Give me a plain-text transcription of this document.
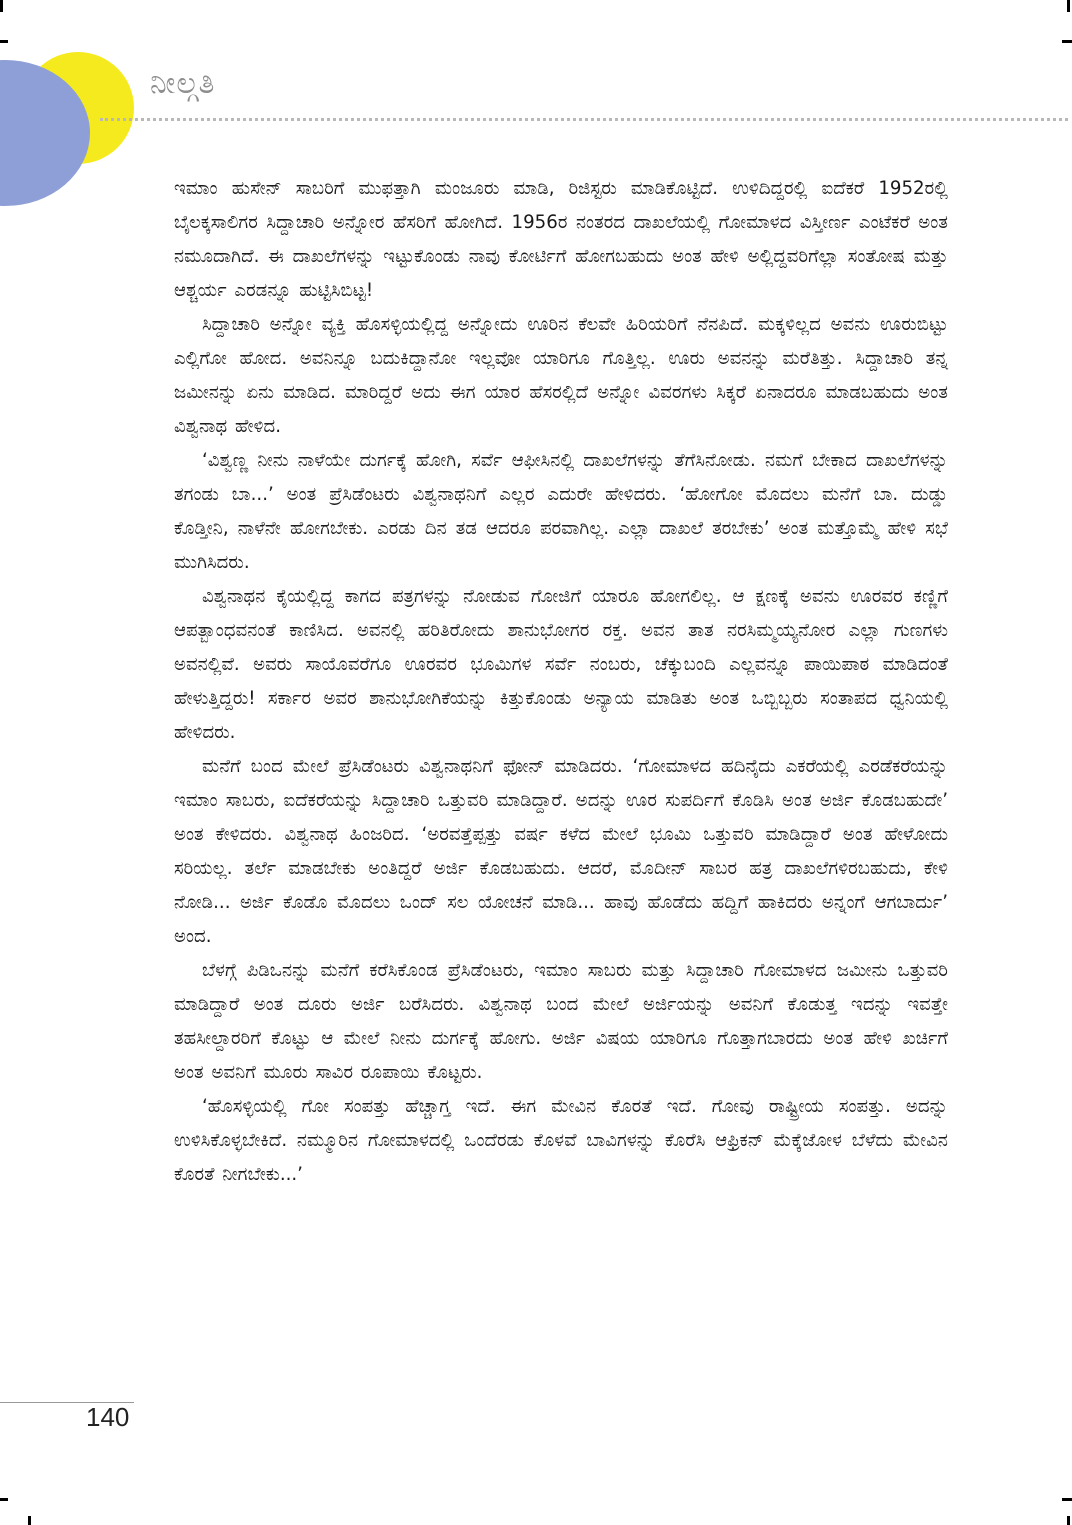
ನೀಲ್ಗತಿ

ಇಮಾಂ ಹುಸೇನ್ ಸಾಬರಿಗೆ ಮುಫತ್ತಾಗಿ ಮಂಜೂರು ಮಾಡಿ, ರಿಜಿಸ್ಟರು ಮಾಡಿಕೊಟ್ಟಿದೆ. ಉಳಿದಿದ್ದರಲ್ಲಿ ಐದೆಕರೆ 1952ರಲ್ಲಿ ಬೈಲಕ್ಕಸಾಲಿಗರ ಸಿದ್ದಾಚಾರಿ ಅನ್ನೋರ ಹೆಸರಿಗೆ ಹೋಗಿದೆ. 1956ರ ನಂತರದ ದಾಖಲೆಯಲ್ಲಿ ಗೋಮಾಳದ ವಿಸ್ತೀರ್ಣ ಎಂಟೆಕರೆ ಅಂತ ನಮೂದಾಗಿದೆ. ಈ ದಾಖಲೆಗಳನ್ನು ಇಟ್ಟುಕೊಂಡು ನಾವು ಕೋರ್ಟಿಗೆ ಹೋಗಬಹುದು ಅಂತ ಹೇಳಿ ಅಲ್ಲಿದ್ದವರಿಗೆಲ್ಲಾ ಸಂತೋಷ ಮತ್ತು ಆಶ್ಚರ್ಯ ಎರಡನ್ನೂ ಹುಟ್ಟಿಸಿಬಿಟ್ಟ!

ಸಿದ್ದಾಚಾರಿ ಅನ್ನೋ ವ್ಯಕ್ತಿ ಹೊಸಳ್ಳಿಯಲ್ಲಿದ್ದ ಅನ್ನೋದು ಊರಿನ ಕೆಲವೇ ಹಿರಿಯರಿಗೆ ನೆನಪಿದೆ. ಮಕ್ಕಳಿಲ್ಲದ ಅವನು ಊರುಬಿಟ್ಟು ಎಲ್ಲಿಗೋ ಹೋದ. ಅವನಿನ್ನೂ ಬದುಕಿದ್ದಾನೋ ಇಲ್ಲವೋ ಯಾರಿಗೂ ಗೊತ್ತಿಲ್ಲ. ಊರು ಅವನನ್ನು ಮರೆತಿತ್ತು. ಸಿದ್ದಾಚಾರಿ ತನ್ನ ಜಮೀನನ್ನು ಏನು ಮಾಡಿದ. ಮಾರಿದ್ದರೆ ಅದು ಈಗ ಯಾರ ಹೆಸರಲ್ಲಿದೆ ಅನ್ನೋ ವಿವರಗಳು ಸಿಕ್ಕರೆ ಏನಾದರೂ ಮಾಡಬಹುದು ಅಂತ ವಿಶ್ವನಾಥ ಹೇಳಿದ.

‘ವಿಶ್ವಣ್ಣ ನೀನು ನಾಳೆಯೇ ದುರ್ಗಕ್ಕೆ ಹೋಗಿ, ಸರ್ವೆ ಆಫೀಸಿನಲ್ಲಿ ದಾಖಲೆಗಳನ್ನು ತೆಗೆಸಿನೋಡು. ನಮಗೆ ಬೇಕಾದ ದಾಖಲೆಗಳನ್ನು ತಗಂಡು ಬಾ...’ ಅಂತ ಪ್ರೆಸಿಡೆಂಟರು ವಿಶ್ವನಾಥನಿಗೆ ಎಲ್ಲರ ಎದುರೇ ಹೇಳಿದರು. ‘ಹೋಗೋ ಮೊದಲು ಮನೆಗೆ ಬಾ. ದುಡ್ಡು ಕೊಡ್ತೀನಿ, ನಾಳೆನೇ ಹೋಗಬೇಕು. ಎರಡು ದಿನ ತಡ ಆದರೂ ಪರವಾಗಿಲ್ಲ. ಎಲ್ಲಾ ದಾಖಲೆ ತರಬೇಕು’ ಅಂತ ಮತ್ತೊಮ್ಮೆ ಹೇಳಿ ಸಭೆ ಮುಗಿಸಿದರು.

ವಿಶ್ವನಾಥನ ಕೈಯಲ್ಲಿದ್ದ ಕಾಗದ ಪತ್ರಗಳನ್ನು ನೋಡುವ ಗೋಜಿಗೆ ಯಾರೂ ಹೋಗಲಿಲ್ಲ. ಆ ಕ್ಷಣಕ್ಕೆ ಅವನು ಊರವರ ಕಣ್ಣಿಗೆ ಆಪತ್ಬಾಂಧವನಂತೆ ಕಾಣಿಸಿದ. ಅವನಲ್ಲಿ ಹರಿತಿರೋದು ಶಾನುಭೋಗರ ರಕ್ತ. ಅವನ ತಾತ ನರಸಿಮ್ಮಯ್ಯನೋರ ಎಲ್ಲಾ ಗುಣಗಳು ಅವನಲ್ಲಿವೆ. ಅವರು ಸಾಯೊವರೆಗೂ ಊರವರ ಭೂಮಿಗಳ ಸರ್ವೆ ನಂಬರು, ಚೆಕ್ಕುಬಂದಿ ಎಲ್ಲವನ್ನೂ ಪಾಯಿಪಾಠ ಮಾಡಿದಂತೆ ಹೇಳುತ್ತಿದ್ದರು! ಸರ್ಕಾರ ಅವರ ಶಾನುಭೋಗಿಕೆಯನ್ನು ಕಿತ್ತುಕೊಂಡು ಅನ್ಯಾಯ ಮಾಡಿತು ಅಂತ ಒಬ್ಬಿಬ್ಬರು ಸಂತಾಪದ ಧ್ವನಿಯಲ್ಲಿ ಹೇಳಿದರು.

ಮನೆಗೆ ಬಂದ ಮೇಲೆ ಪ್ರೆಸಿಡೆಂಟರು ವಿಶ್ವನಾಥನಿಗೆ ಫೋನ್ ಮಾಡಿದರು. ‘ಗೋಮಾಳದ ಹದಿನೈದು ಎಕರೆಯಲ್ಲಿ ಎರಡೆಕರೆಯನ್ನು ಇಮಾಂ ಸಾಬರು, ಐದೆಕರೆಯನ್ನು ಸಿದ್ದಾಚಾರಿ ಒತ್ತುವರಿ ಮಾಡಿದ್ದಾರೆ. ಅದನ್ನು ಊರ ಸುಪರ್ದಿಗೆ ಕೊಡಿಸಿ ಅಂತ ಅರ್ಜಿ ಕೊಡಬಹುದೇ’ ಅಂತ ಕೇಳಿದರು. ವಿಶ್ವನಾಥ ಹಿಂಜರಿದ. ‘ಅರವತ್ತೆಪ್ಪತ್ತು ವರ್ಷ ಕಳೆದ ಮೇಲೆ ಭೂಮಿ ಒತ್ತುವರಿ ಮಾಡಿದ್ದಾರೆ ಅಂತ ಹೇಳೋದು ಸರಿಯಲ್ಲ. ತರ್ಲೆ ಮಾಡಬೇಕು ಅಂತಿದ್ದರೆ ಅರ್ಜಿ ಕೊಡಬಹುದು. ಆದರೆ, ಮೊದೀನ್ ಸಾಬರ ಹತ್ರ ದಾಖಲೆಗಳಿರಬಹುದು, ಕೇಳಿ ನೋಡಿ... ಅರ್ಜಿ ಕೊಡೊ ಮೊದಲು ಒಂದ್ ಸಲ ಯೋಚನೆ ಮಾಡಿ... ಹಾವು ಹೊಡೆದು ಹದ್ದಿಗೆ ಹಾಕಿದರು ಅನ್ನಂಗೆ ಆಗಬಾರ್ದು’ ಅಂದ.

ಬೆಳಗ್ಗೆ ಪಿಡಿಒನನ್ನು ಮನೆಗೆ ಕರೆಸಿಕೊಂಡ ಪ್ರೆಸಿಡೆಂಟರು, ಇಮಾಂ ಸಾಬರು ಮತ್ತು ಸಿದ್ದಾಚಾರಿ ಗೋಮಾಳದ ಜಮೀನು ಒತ್ತುವರಿ ಮಾಡಿದ್ದಾರೆ ಅಂತ ದೂರು ಅರ್ಜಿ ಬರೆಸಿದರು. ವಿಶ್ವನಾಥ ಬಂದ ಮೇಲೆ ಅರ್ಜಿಯನ್ನು ಅವನಿಗೆ ಕೊಡುತ್ತ ಇದನ್ನು ಇವತ್ತೇ ತಹಸೀಲ್ದಾರರಿಗೆ ಕೊಟ್ಟು ಆ ಮೇಲೆ ನೀನು ದುರ್ಗಕ್ಕೆ ಹೋಗು. ಅರ್ಜಿ ವಿಷಯ ಯಾರಿಗೂ ಗೊತ್ತಾಗಬಾರದು ಅಂತ ಹೇಳಿ ಖರ್ಚಿಗೆ ಅಂತ ಅವನಿಗೆ ಮೂರು ಸಾವಿರ ರೂಪಾಯಿ ಕೊಟ್ಟರು.

‘ಹೊಸಳ್ಳಿಯಲ್ಲಿ ಗೋ ಸಂಪತ್ತು ಹೆಚ್ಚಾಗ್ತ ಇದೆ. ಈಗ ಮೇವಿನ ಕೊರತೆ ಇದೆ. ಗೋವು ರಾಷ್ಟ್ರೀಯ ಸಂಪತ್ತು. ಅದನ್ನು ಉಳಿಸಿಕೊಳ್ಳಬೇಕಿದೆ. ನಮ್ಮೂರಿನ ಗೋಮಾಳದಲ್ಲಿ ಒಂದೆರಡು ಕೊಳವೆ ಬಾವಿಗಳನ್ನು ಕೊರೆಸಿ ಆಫ್ರಿಕನ್ ಮೆಕ್ಕೆಜೋಳ ಬೆಳೆದು ಮೇವಿನ ಕೊರತೆ ನೀಗಬೇಕು...’

140
